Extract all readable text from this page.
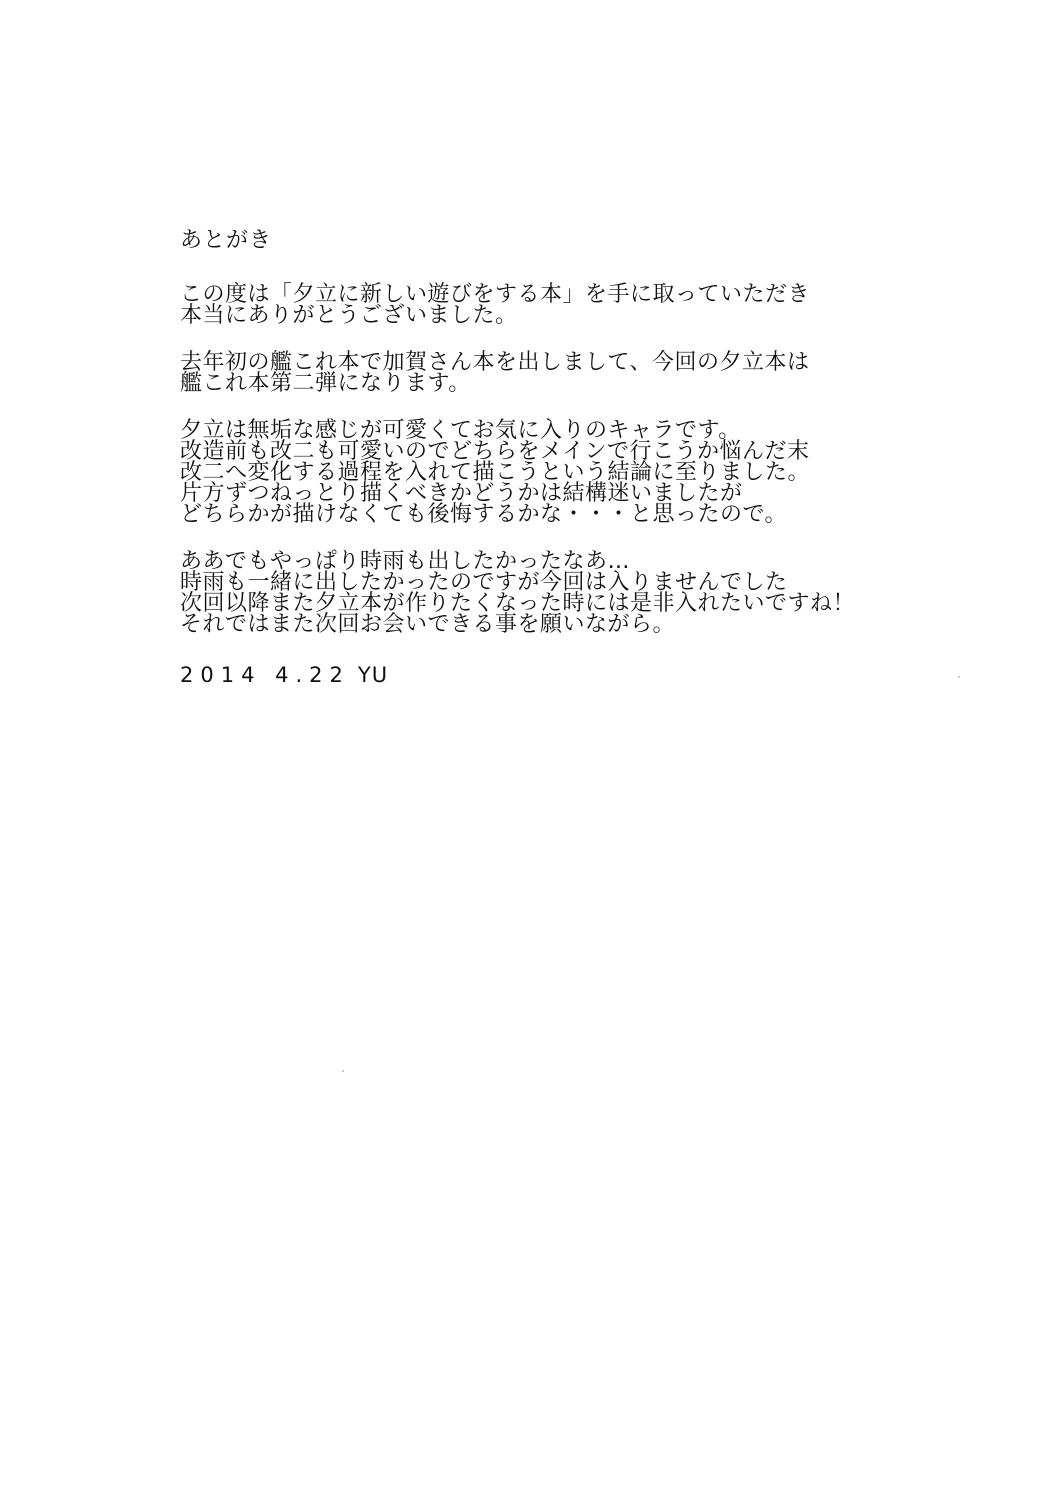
あとがき
この度は「夕立に新しい遊びをする本」を手に取っていただき
本当にありがとうございました。
去年初の艦これ本で加賀さん本を出しまして、今回の夕立本は
艦これ本第二弾になります。
夕立は無垢な感じが可愛くてお気に入りのキャラです。
改造前も改二も可愛いのでどちらをメインで行こうか悩んだ末
改二へ変化する過程を入れて描こうという結論に至りました。
片方ずつねっとり描くべきかどうかは結構迷いましたが
どちらかが描けなくても後悔するかな・・・と思ったので。
ああでもやっぱり時雨も出したかったなあ…
時雨も一緒に出したかったのですが今回は入りませんでした
次回以降また夕立本が作りたくなった時には是非入れたいですね！
それではまた次回お会いできる事を願いながら。
2014 4.22 YU
